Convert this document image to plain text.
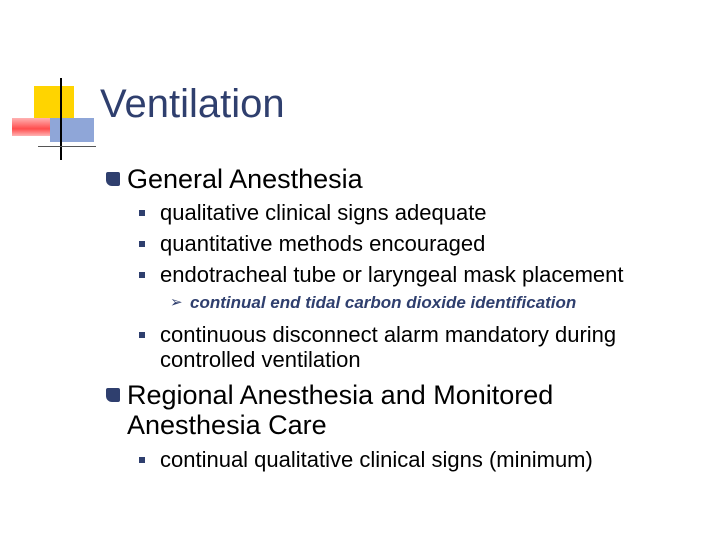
Ventilation
General Anesthesia
qualitative clinical signs adequate
quantitative methods encouraged
endotracheal tube or laryngeal mask placement
➢ continual end tidal carbon dioxide identification
continuous disconnect alarm mandatory during
controlled ventilation
Regional Anesthesia and Monitored
Anesthesia Care
continual qualitative clinical signs (minimum)
